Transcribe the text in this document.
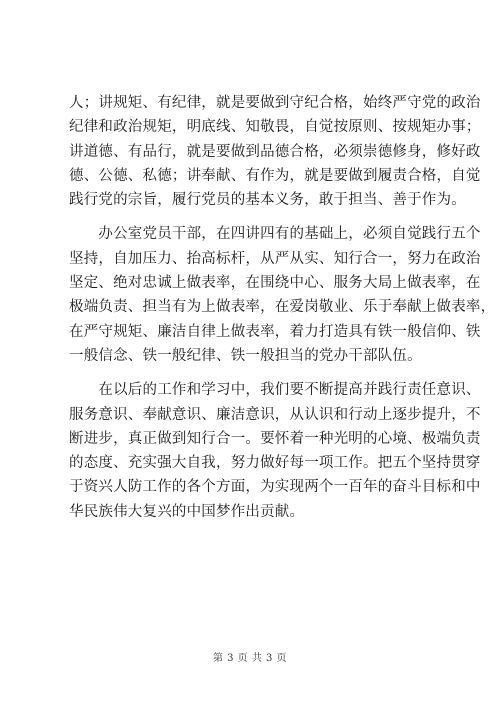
人；讲规矩、有纪律，就是要做到守纪合格，始终严守党的政治
纪律和政治规矩，明底线、知敬畏，自觉按原则、按规矩办事；
讲道德、有品行，就是要做到品德合格，必须崇德修身，修好政
德、公德、私德；讲奉献、有作为，就是要做到履责合格，自觉
践行党的宗旨，履行党员的基本义务，敢于担当、善于作为。
　　办公室党员干部，在四讲四有的基础上，必须自觉践行五个
坚持，自加压力、抬高标杆，从严从实、知行合一，努力在政治
坚定、绝对忠诚上做表率，在围绕中心、服务大局上做表率，在
极端负责、担当有为上做表率，在爱岗敬业、乐于奉献上做表率，
在严守规矩、廉洁自律上做表率，着力打造具有铁一般信仰、铁
一般信念、铁一般纪律、铁一般担当的党办干部队伍。
　　在以后的工作和学习中，我们要不断提高并践行责任意识、
服务意识、奉献意识、廉洁意识，从认识和行动上逐步提升，不
断进步，真正做到知行合一。要怀着一种光明的心境、极端负责
的态度、充实强大自我，努力做好每一项工作。把五个坚持贯穿
于资兴人防工作的各个方面，为实现两个一百年的奋斗目标和中
华民族伟大复兴的中国梦作出贡献。
第 3 页 共 3 页
